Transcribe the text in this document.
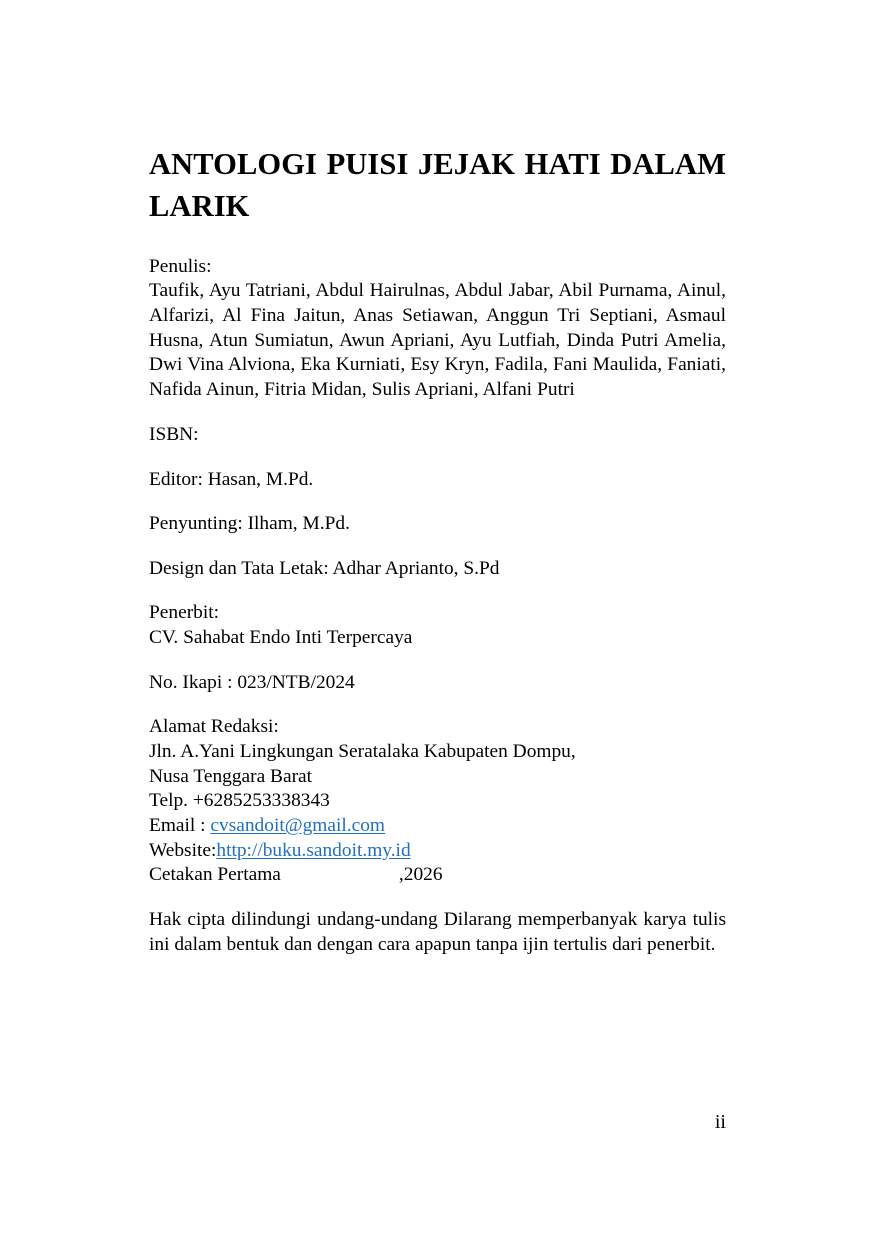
ANTOLOGI PUISI JEJAK HATI DALAM
LARIK
Penulis:

Taufik, Ayu Tatriani, Abdul Hairulnas, Abdul Jabar, Abil Purnama, Ainul, Alfarizi, Al Fina Jaitun, Anas Setiawan, Anggun Tri Septiani, Asmaul Husna, Atun Sumiatun, Awun Apriani, Ayu Lutfiah, Dinda Putri Amelia, Dwi Vina Alviona, Eka Kurniati, Esy Kryn, Fadila, Fani Maulida, Faniati, Nafida Ainun, Fitria Midan, Sulis Apriani, Alfani Putri

ISBN:
Editor: Hasan, M.Pd.
Penyunting: Ilham, M.Pd.
Design dan Tata Letak: Adhar Aprianto, S.Pd
Penerbit:
CV. Sahabat Endo Inti Terpercaya
No. Ikapi : 023/NTB/2024
Alamat Redaksi:
Jln. A.Yani Lingkungan Seratalaka Kabupaten Dompu,
Nusa Tenggara Barat
Telp. +6285253338343
Email : cvsandoit@gmail.com
Website:http://buku.sandoit.my.id
Cetakan Pertama	,2026

Hak cipta dilindungi undang-undang Dilarang memperbanyak karya tulis ini dalam bentuk dan dengan cara apapun tanpa ijin tertulis dari penerbit.

ii
